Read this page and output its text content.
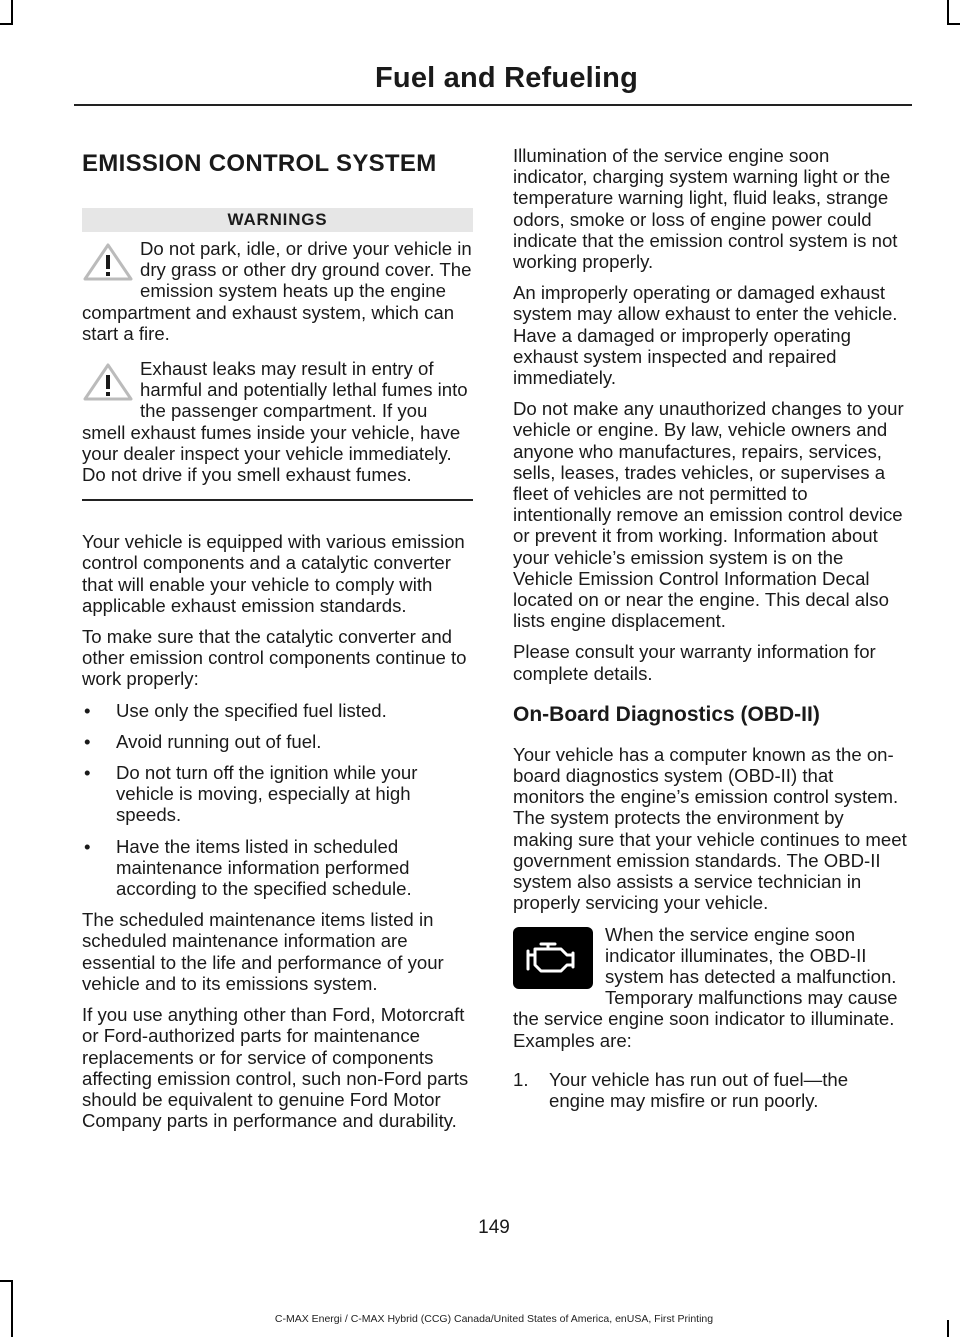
Fuel and Refueling
EMISSION CONTROL SYSTEM
WARNINGS
Do not park, idle, or drive your vehicle in dry grass or other dry ground cover. The emission system heats up the engine compartment and exhaust system, which can start a fire.
Exhaust leaks may result in entry of harmful and potentially lethal fumes into the passenger compartment. If you smell exhaust fumes inside your vehicle, have your dealer inspect your vehicle immediately. Do not drive if you smell exhaust fumes.

Your vehicle is equipped with various emission control components and a catalytic converter that will enable your vehicle to comply with applicable exhaust emission standards.

To make sure that the catalytic converter and other emission control components continue to work properly:

• Use only the specified fuel listed.
• Avoid running out of fuel.
• Do not turn off the ignition while your vehicle is moving, especially at high speeds.
• Have the items listed in scheduled maintenance information performed according to the specified schedule.

The scheduled maintenance items listed in scheduled maintenance information are essential to the life and performance of your vehicle and to its emissions system.

If you use anything other than Ford, Motorcraft or Ford-authorized parts for maintenance replacements or for service of components affecting emission control, such non-Ford parts should be equivalent to genuine Ford Motor Company parts in performance and durability.

Illumination of the service engine soon indicator, charging system warning light or the temperature warning light, fluid leaks, strange odors, smoke or loss of engine power could indicate that the emission control system is not working properly.

An improperly operating or damaged exhaust system may allow exhaust to enter the vehicle. Have a damaged or improperly operating exhaust system inspected and repaired immediately.

Do not make any unauthorized changes to your vehicle or engine. By law, vehicle owners and anyone who manufactures, repairs, services, sells, leases, trades vehicles, or supervises a fleet of vehicles are not permitted to intentionally remove an emission control device or prevent it from working. Information about your vehicle’s emission system is on the Vehicle Emission Control Information Decal located on or near the engine. This decal also lists engine displacement.

Please consult your warranty information for complete details.

On-Board Diagnostics (OBD-II)

Your vehicle has a computer known as the on-board diagnostics system (OBD-II) that monitors the engine’s emission control system. The system protects the environment by making sure that your vehicle continues to meet government emission standards. The OBD-II system also assists a service technician in properly servicing your vehicle.

When the service engine soon indicator illuminates, the OBD-II system has detected a malfunction. Temporary malfunctions may cause the service engine soon indicator to illuminate. Examples are:
1. Your vehicle has run out of fuel—the engine may misfire or run poorly.
149
C-MAX Energi / C-MAX Hybrid (CCG) Canada/United States of America, enUSA, First Printing
